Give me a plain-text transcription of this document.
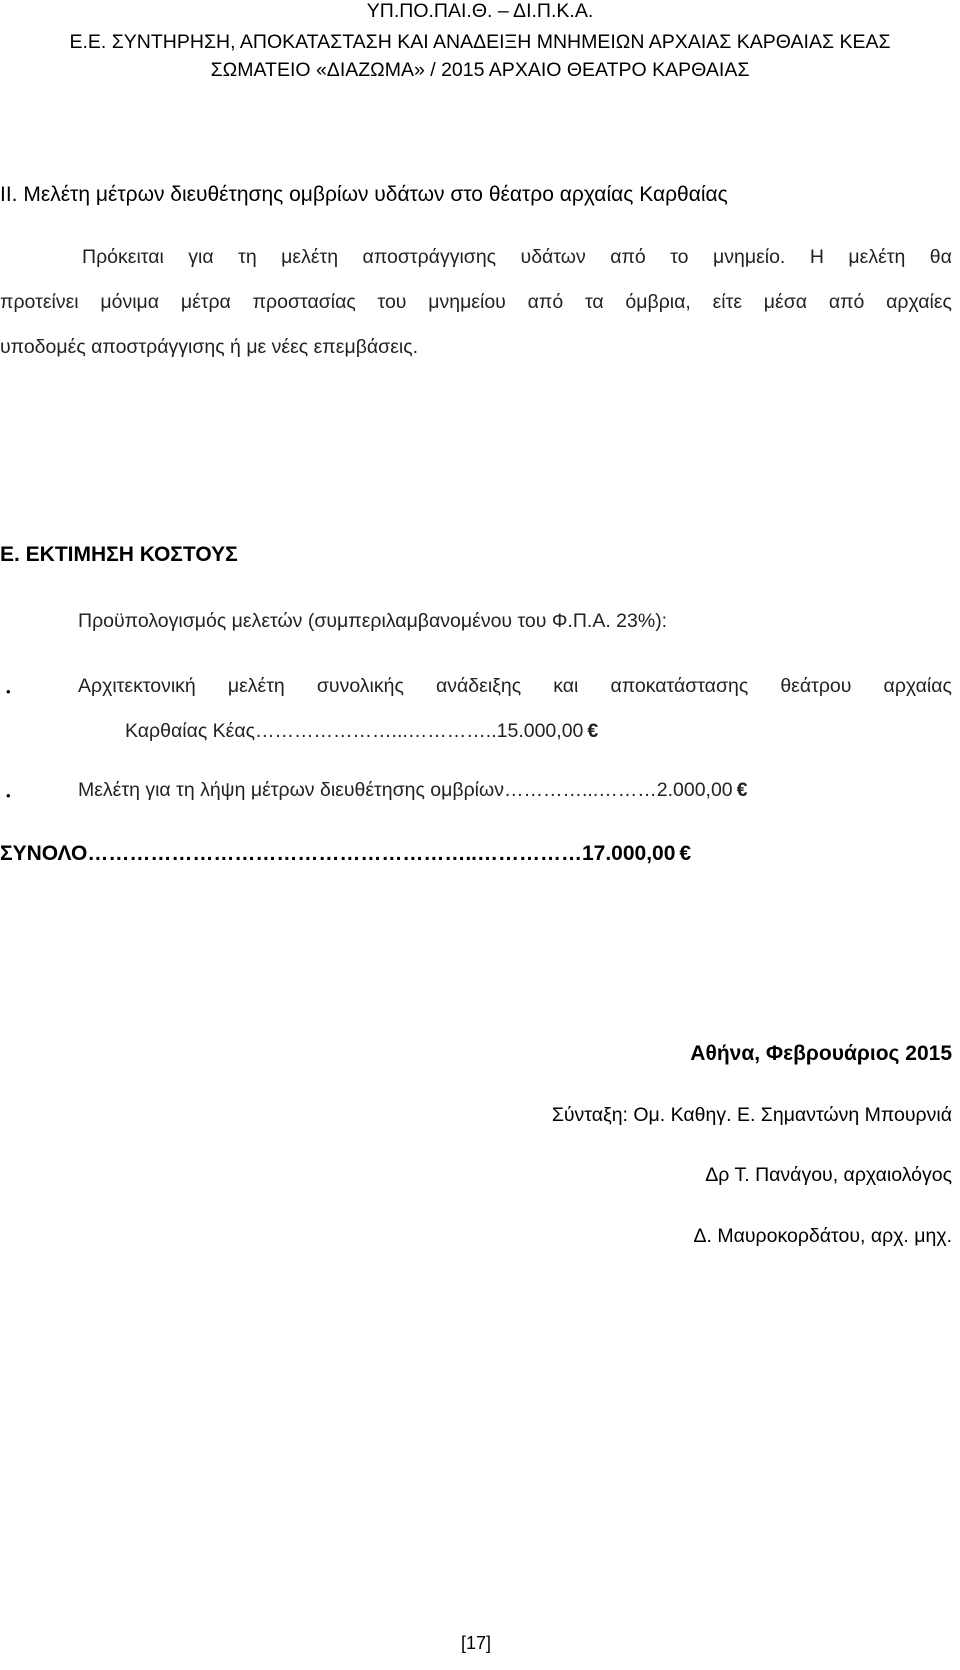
ΥΠ.ΠΟ.ΠΑΙ.Θ. – ΔΙ.Π.Κ.Α.
Ε.Ε. ΣΥΝΤΗΡΗΣΗ, ΑΠΟΚΑΤΑΣΤΑΣΗ ΚΑΙ ΑΝΑΔΕΙΞΗ ΜΝΗΜΕΙΩΝ ΑΡΧΑΙΑΣ ΚΑΡΘΑΙΑΣ ΚΕΑΣ
ΣΩΜΑΤΕΙΟ «ΔΙΑΖΩΜΑ» / 2015 ΑΡΧΑΙΟ ΘΕΑΤΡΟ ΚΑΡΘΑΙΑΣ
ΙΙ. Μελέτη μέτρων διευθέτησης ομβρίων υδάτων στο θέατρο αρχαίας Καρθαίας
Πρόκειται για τη μελέτη αποστράγγισης υδάτων από το μνημείο. Η μελέτη θα
προτείνει μόνιμα μέτρα προστασίας του μνημείου από τα όμβρια, είτε μέσα από αρχαίες
υποδομές αποστράγγισης ή με νέες επεμβάσεις.
Ε. ΕΚΤΙΜΗΣΗ ΚΟΣΤΟΥΣ
Προϋπολογισμός μελετών (συμπεριλαμβανομένου του Φ.Π.Α. 23%):
•	Αρχιτεκτονική μελέτη συνολικής ανάδειξης και αποκατάστασης θεάτρου αρχαίας
Καρθαίας Κέας…………………...…………..15.000,00 €
•	Μελέτη για τη λήψη μέτρων διευθέτησης ομβρίων…………...………2.000,00 €
ΣΥΝΟΛΟ………………………………………………..……………17.000,00 €
Αθήνα, Φεβρουάριος 2015
Σύνταξη: Ομ. Καθηγ. Ε. Σημαντώνη Μπουρνιά
Δρ Τ. Πανάγου, αρχαιολόγος
Δ. Μαυροκορδάτου, αρχ. μηχ.
[17]
